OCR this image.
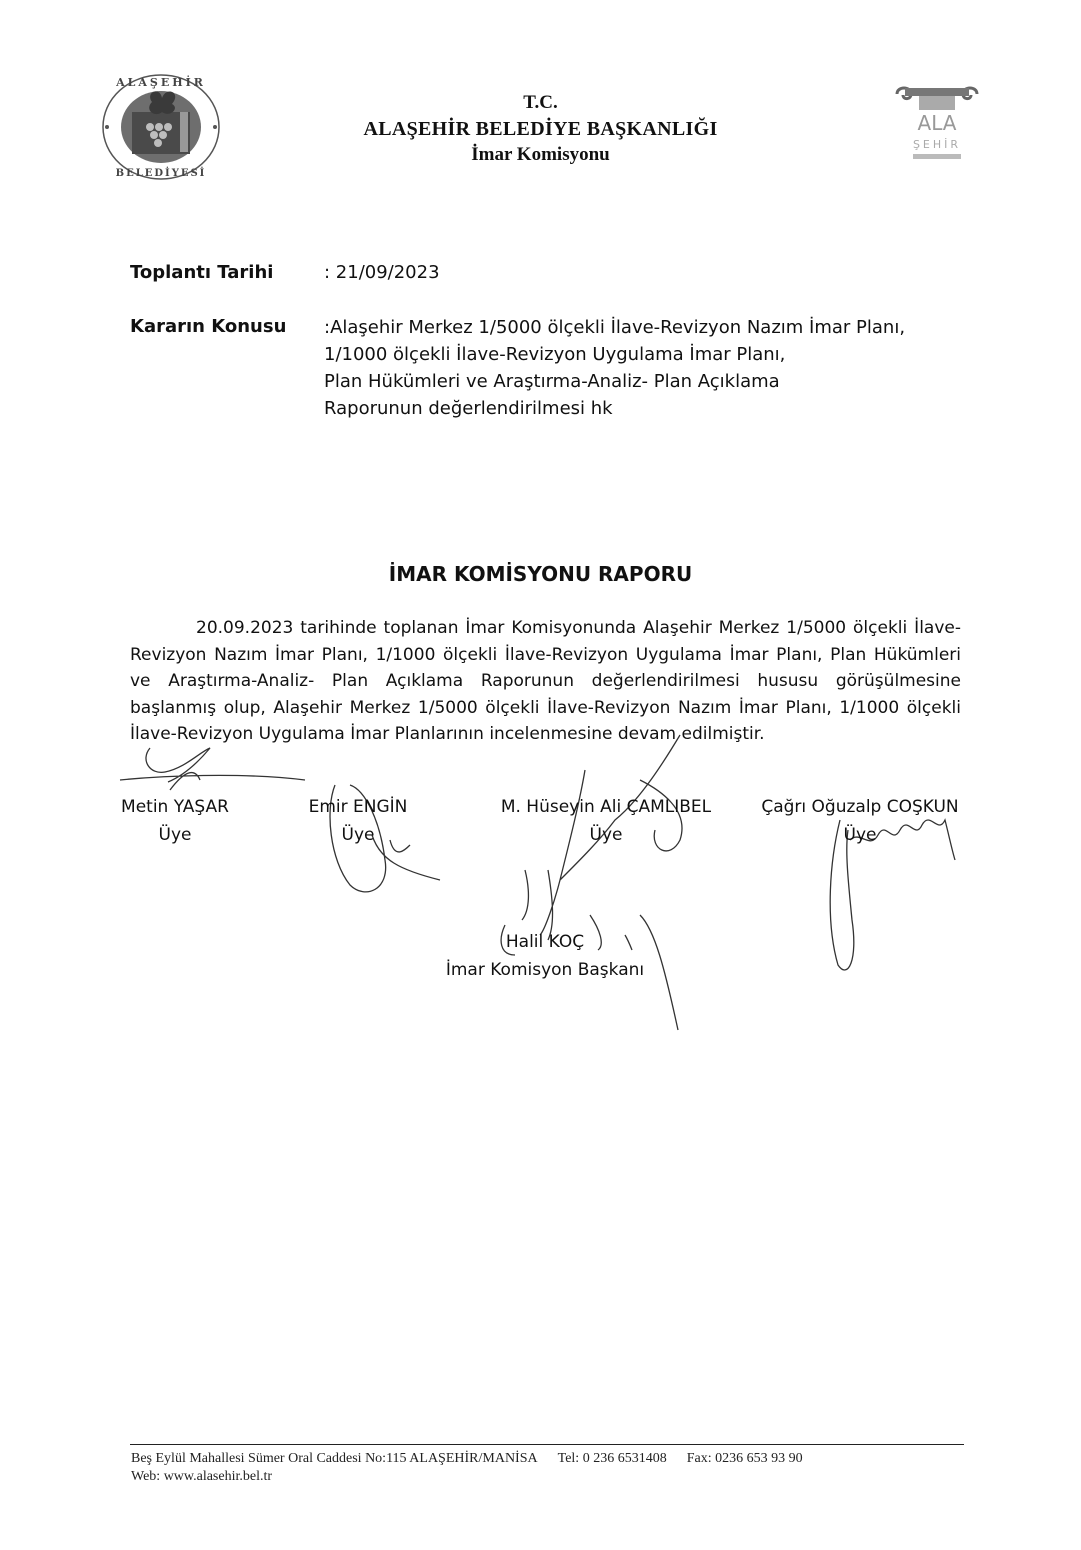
ALAŞEHİR
BELEDİYESİ
T.C.
ALAŞEHİR BELEDİYE BAŞKANLIĞI
İmar Komisyonu
ALA
ŞEHİR
Toplantı Tarihi	: 21/09/2023
Kararın Konusu :Alaşehir Merkez 1/5000 ölçekli İlave-Revizyon Nazım İmar Planı,
1/1000 ölçekli İlave-Revizyon Uygulama İmar Planı,
Plan Hükümleri ve Araştırma-Analiz- Plan Açıklama
Raporunun değerlendirilmesi hk
İMAR KOMİSYONU RAPORU
20.09.2023 tarihinde toplanan İmar Komisyonunda Alaşehir Merkez 1/5000 ölçekli İlave-Revizyon Nazım İmar Planı, 1/1000 ölçekli İlave-Revizyon Uygulama İmar Planı, Plan Hükümleri ve Araştırma-Analiz- Plan Açıklama Raporunun değerlendirilmesi hususu görüşülmesine başlanmış olup, Alaşehir Merkez 1/5000 ölçekli İlave-Revizyon Nazım İmar Planı, 1/1000 ölçekli İlave-Revizyon Uygulama İmar Planlarının incelenmesine devam edilmiştir.
Metin YAŞAR
Üye
Emir ENGİN
Üye
M. Hüseyin Ali ÇAMLIBEL
Üye
Çağrı Oğuzalp COŞKUN
Üye
Halil KOÇ
İmar Komisyon Başkanı
Beş Eylül Mahallesi Sümer Oral Caddesi No:115 ALAŞEHİR/MANİSA Tel: 0 236 6531408 Fax: 0236 653 93 90
Web: www.alasehir.bel.tr
